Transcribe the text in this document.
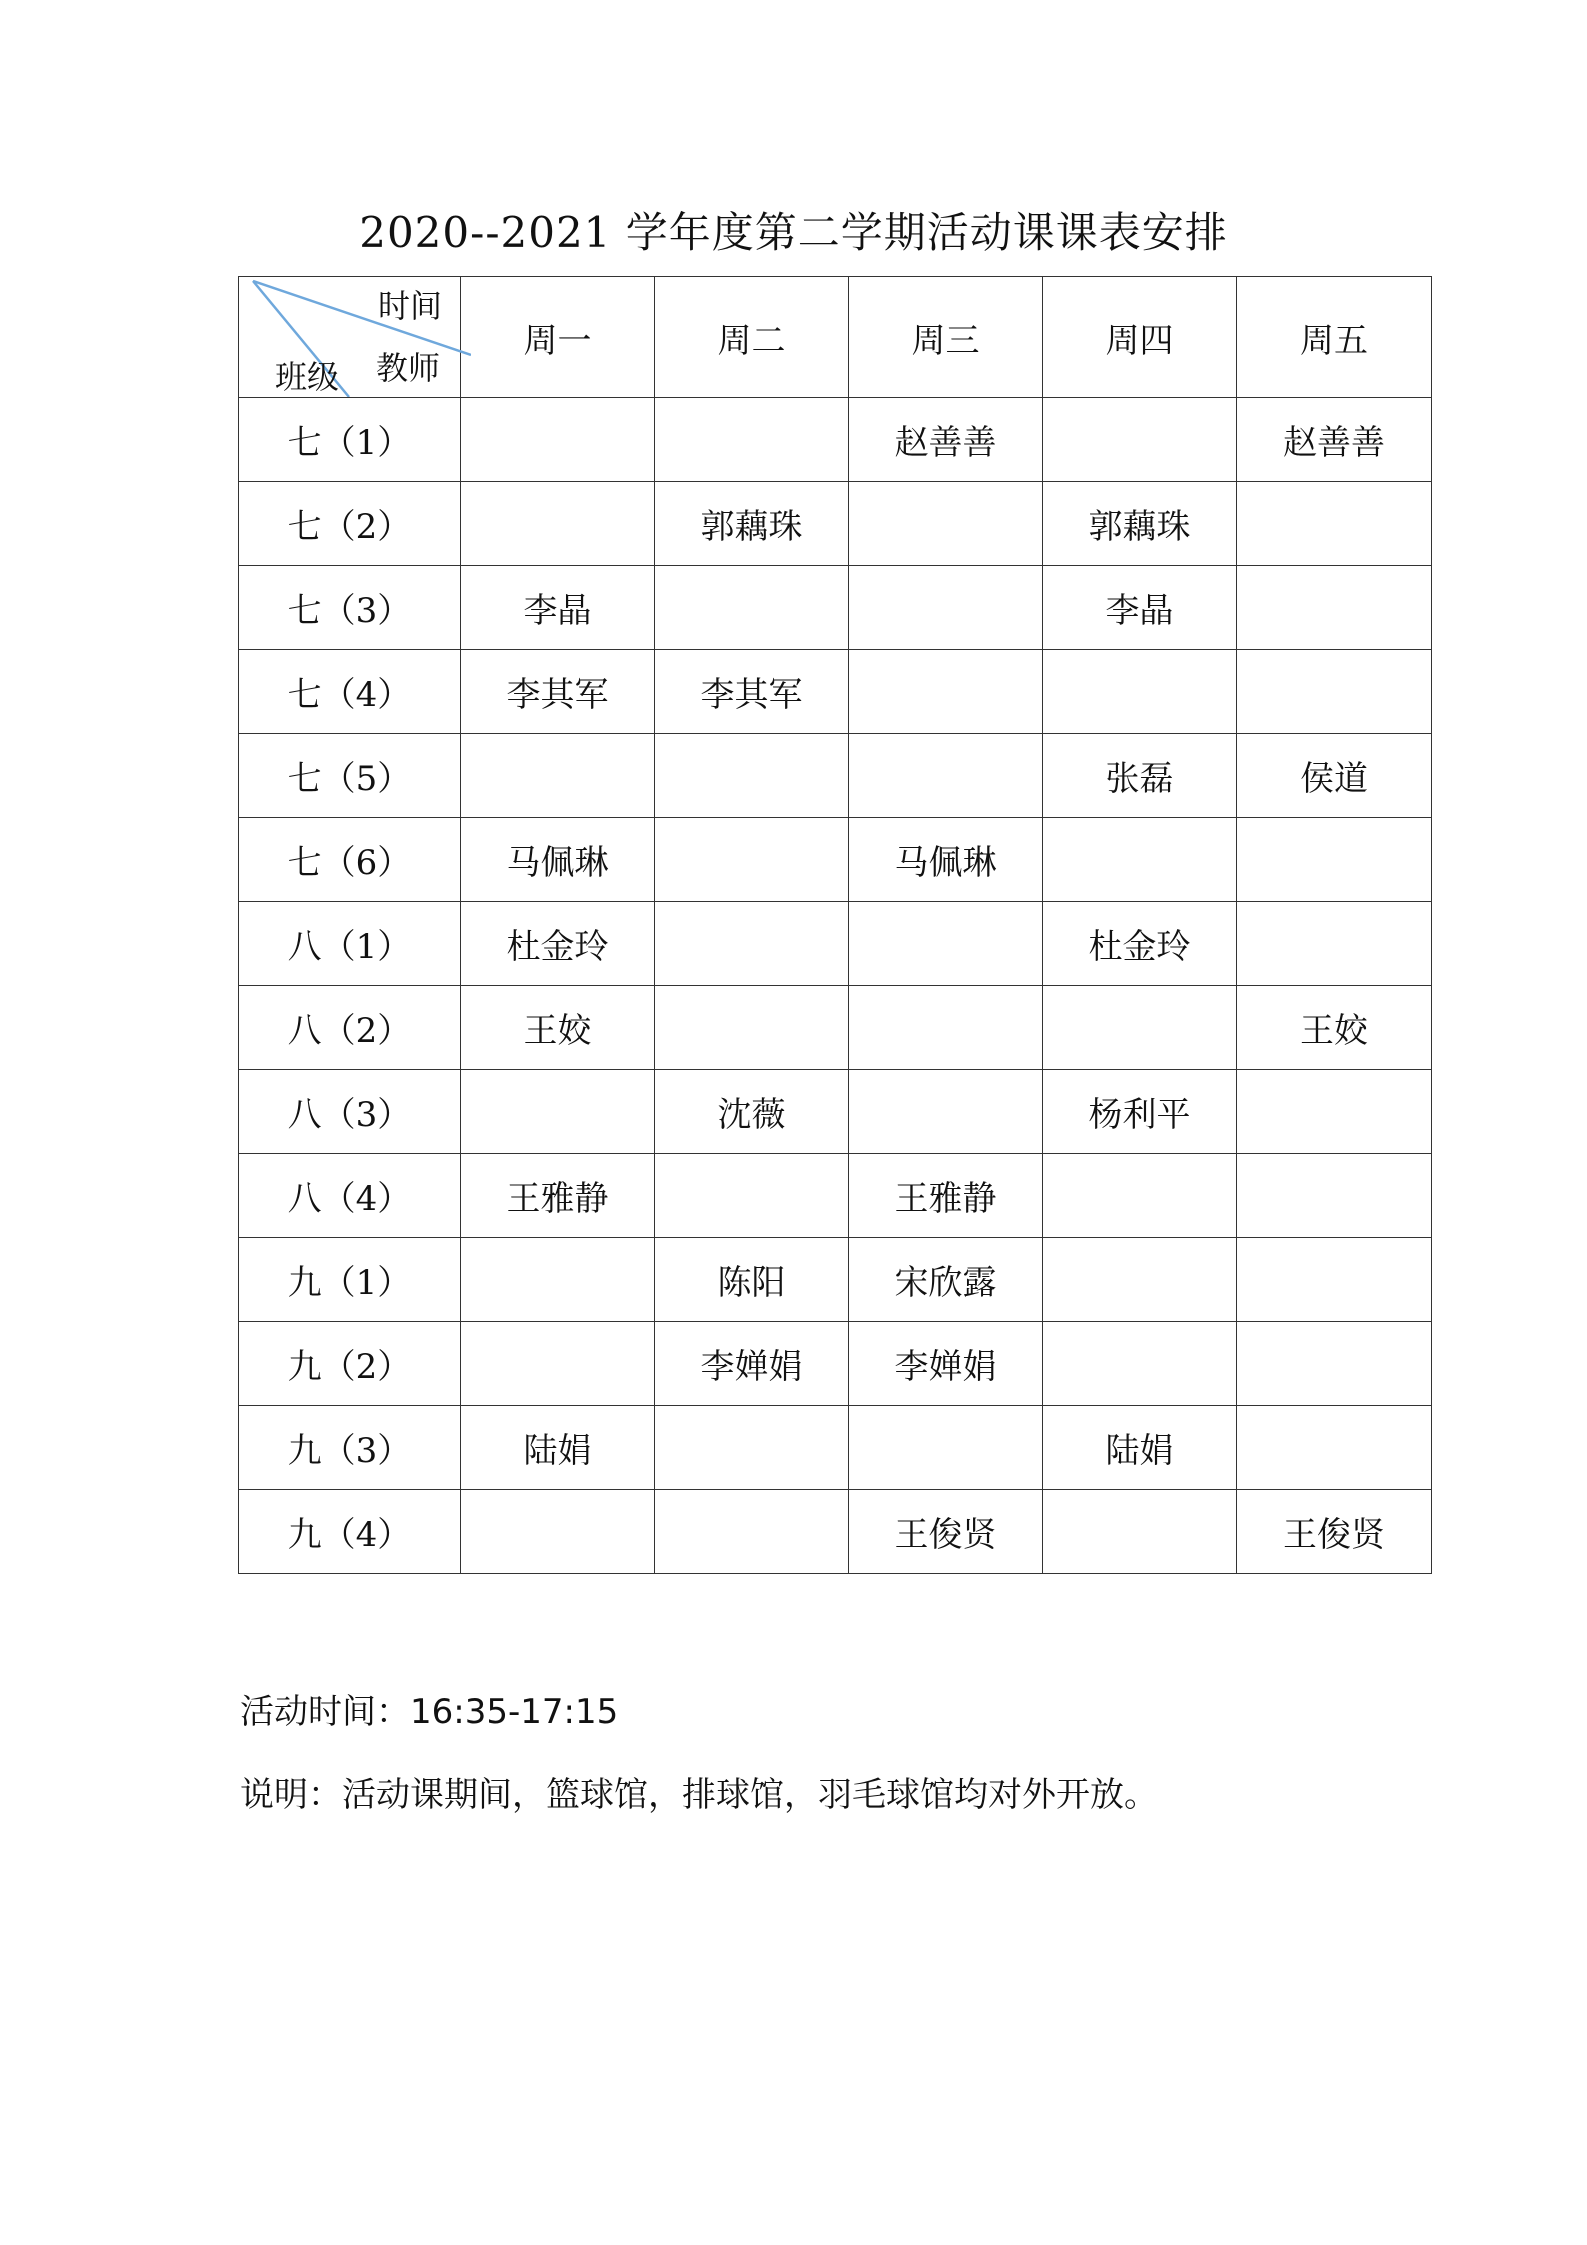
2020--2021 学年度第二学期活动课课表安排
时间
教师
班级	周一	周二	周三	周四	周五
七（1）			赵善善		赵善善
七（2）		郭藕珠		郭藕珠	
七（3）	李晶			李晶	
七（4）	李其军	李其军			
七（5）				张磊	侯道
七（6）	马佩琳		马佩琳		
八（1）	杜金玲			杜金玲	
八（2）	王姣				王姣
八（3）		沈薇		杨利平	
八（4）	王雅静		王雅静		
九（1）		陈阳	宋欣露		
九（2）		李婵娟	李婵娟		
九（3）	陆娟			陆娟	
九（4）			王俊贤		王俊贤
活动时间：16:35-17:15
说明：活动课期间，篮球馆，排球馆，羽毛球馆均对外开放。
